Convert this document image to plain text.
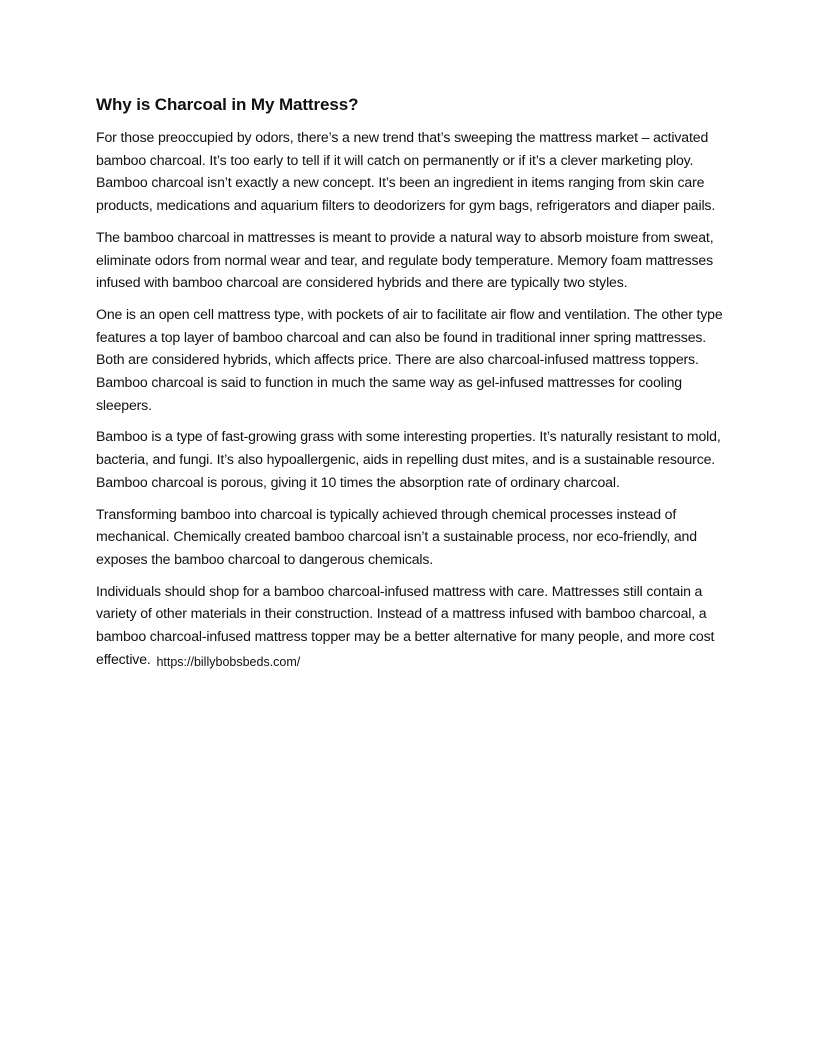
Why is Charcoal in My Mattress?

For those preoccupied by odors, there’s a new trend that’s sweeping the mattress market – activated bamboo charcoal. It’s too early to tell if it will catch on permanently or if it’s a clever marketing ploy. Bamboo charcoal isn’t exactly a new concept. It’s been an ingredient in items ranging from skin care products, medications and aquarium filters to deodorizers for gym bags, refrigerators and diaper pails.

The bamboo charcoal in mattresses is meant to provide a natural way to absorb moisture from sweat, eliminate odors from normal wear and tear, and regulate body temperature. Memory foam mattresses infused with bamboo charcoal are considered hybrids and there are typically two styles.

One is an open cell mattress type, with pockets of air to facilitate air flow and ventilation. The other type features a top layer of bamboo charcoal and can also be found in traditional inner spring mattresses. Both are considered hybrids, which affects price. There are also charcoal-infused mattress toppers. Bamboo charcoal is said to function in much the same way as gel-infused mattresses for cooling sleepers.

Bamboo is a type of fast-growing grass with some interesting properties. It’s naturally resistant to mold, bacteria, and fungi. It’s also hypoallergenic, aids in repelling dust mites, and is a sustainable resource. Bamboo charcoal is porous, giving it 10 times the absorption rate of ordinary charcoal.

Transforming bamboo into charcoal is typically achieved through chemical processes instead of mechanical. Chemically created bamboo charcoal isn’t a sustainable process, nor eco-friendly, and exposes the bamboo charcoal to dangerous chemicals.

Individuals should shop for a bamboo charcoal-infused mattress with care. Mattresses still contain a variety of other materials in their construction. Instead of a mattress infused with bamboo charcoal, a bamboo charcoal-infused mattress topper may be a better alternative for many people, and more cost effective. https://billybobsbeds.com/
